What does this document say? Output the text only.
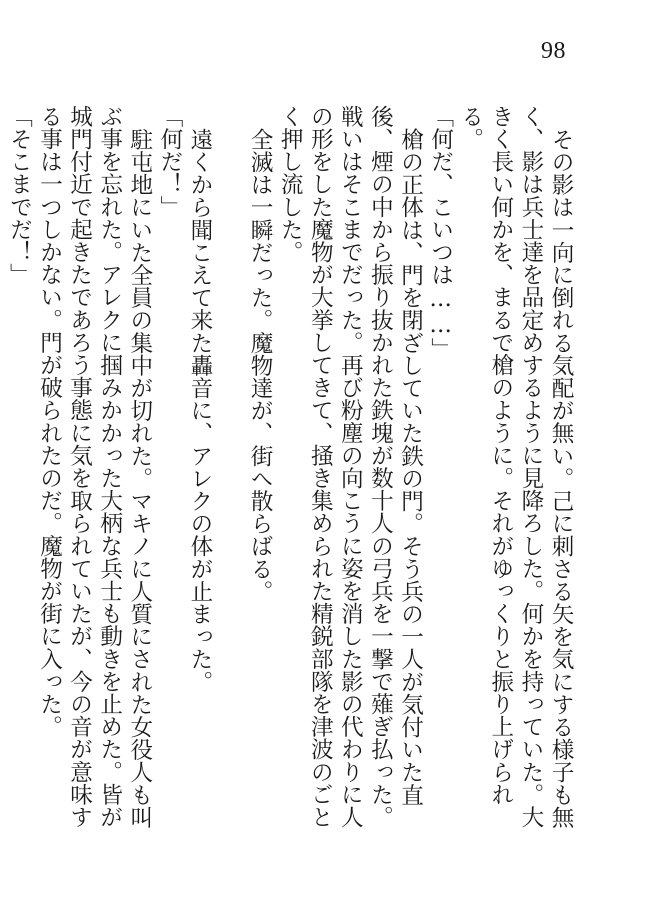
98

その影は一向に倒れる気配が無い。己に刺さる矢を気にする様子も無く、影は兵士達を品定めするように見降ろした。何かを持っていた。大きく長い何かを、まるで槍のように。それがゆっくりと振り上げられる。

「何だ、こいつは……」

槍の正体は、門を閉ざしていた鉄の門。そう兵の一人が気付いた直後、煙の中から振り抜かれた鉄塊が数十人の弓兵を一撃で薙ぎ払った。戦いはそこまでだった。再び粉塵の向こうに姿を消した影の代わりに人の形をした魔物が大挙してきて、掻き集められた精鋭部隊を津波のごとく押し流した。

全滅は一瞬だった。魔物達が、街へ散らばる。

遠くから聞こえて来た轟音に、アレクの体が止まった。

「何だ！」

駐屯地にいた全員の集中が切れた。マキノに人質にされた女役人も叫ぶ事を忘れた。アレクに掴みかかった大柄な兵士も動きを止めた。皆が城門付近で起きたであろう事態に気を取られていたが、今の音が意味する事は一つしかない。門が破られたのだ。魔物が街に入った。

「そこまでだ！」
